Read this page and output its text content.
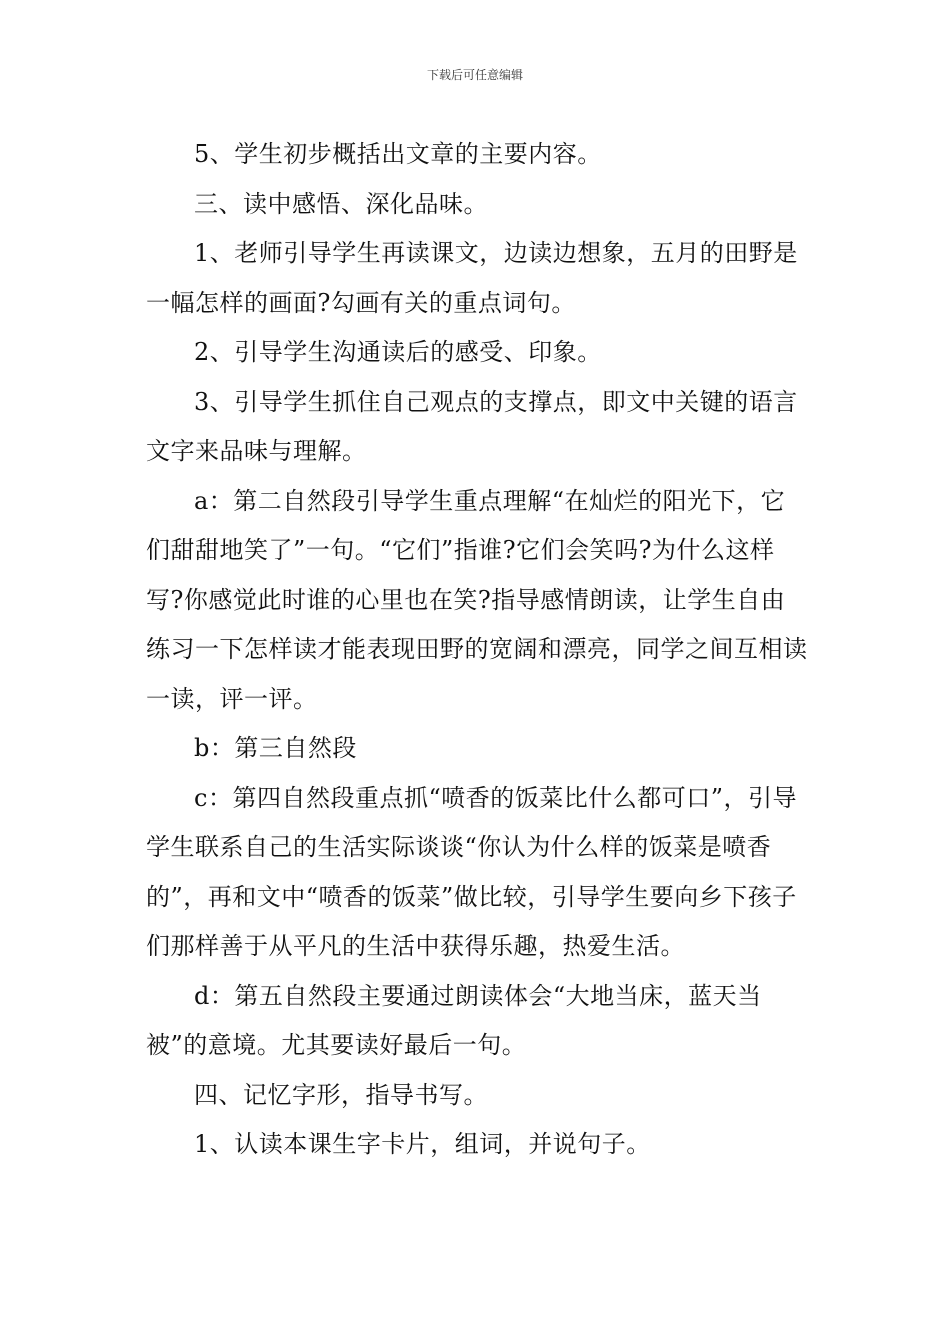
下载后可任意编辑

5、学生初步概括出文章的主要内容。

三、读中感悟、深化品味。

1、老师引导学生再读课文，边读边想象，五月的田野是一幅怎样的画面?勾画有关的重点词句。

2、引导学生沟通读后的感受、印象。

3、引导学生抓住自己观点的支撑点，即文中关键的语言文字来品味与理解。

a：第二自然段引导学生重点理解“在灿烂的阳光下，它们甜甜地笑了”一句。“它们”指谁?它们会笑吗?为什么这样写?你感觉此时谁的心里也在笑?指导感情朗读，让学生自由练习一下怎样读才能表现田野的宽阔和漂亮，同学之间互相读一读，评一评。

b：第三自然段

c：第四自然段重点抓“喷香的饭菜比什么都可口”，引导学生联系自己的生活实际谈谈“你认为什么样的饭菜是喷香的”，再和文中“喷香的饭菜”做比较，引导学生要向乡下孩子们那样善于从平凡的生活中获得乐趣，热爱生活。

d：第五自然段主要通过朗读体会“大地当床，蓝天当被”的意境。尤其要读好最后一句。

四、记忆字形，指导书写。

1、认读本课生字卡片，组词，并说句子。
